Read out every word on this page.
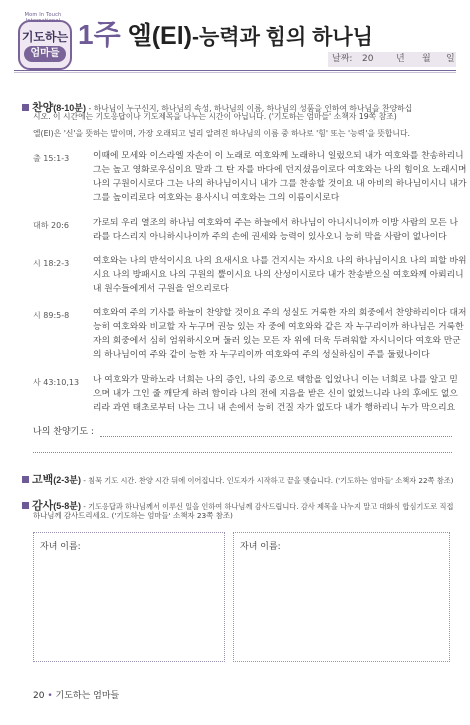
Mom In Touch
기도하는
엄마들
1주 엘(El)-능력과 힘의 하나님
날짜: 20	년 월 일
찬양(8-10분) - 하나님이 누구신지, 하나님의 속성, 하나님의 이름, 하나님의 성품을 인하여 하나님을 찬양하십
시오. 이 시간에는 기도응답이나 기도제목을 나누는 시간이 아닙니다. ('기도하는 엄마들' 소책자 19쪽 참조)
엘(El)은 '신'을 뜻하는 말이며, 가장 오래되고 널리 알려진 하나님의 이름 중 하나로 '힘' 또는 '능력'을 뜻합니다.
출 15:1-3	이때에 모세와 이스라엘 자손이 이 노래로 여호와께 노래하니 일렀으되 내가 여호와를 찬송하리니
그는 높고 영화로우심이요 말과 그 탄 자를 바다에 던지셨음이로다 여호와는 나의 힘이요 노래시며
나의 구원이시로다 그는 나의 하나님이시니 내가 그를 찬송할 것이요 내 아비의 하나님이시니 내가
그를 높이리로다 여호와는 용사시니 여호와는 그의 이름이시로다
대하 20:6	가로되 우리 열조의 하나님 여호와여 주는 하늘에서 하나님이 아니시니이까 이방 사람의 모든 나
라를 다스리지 아니하시나이까 주의 손에 권세와 능력이 있사오니 능히 막을 사람이 없나이다
시 18:2-3	여호와는 나의 반석이시요 나의 요새시요 나를 건지시는 자시요 나의 하나님이시요 나의 피할 바위
시요 나의 방패시요 나의 구원의 뿔이시요 나의 산성이시로다 내가 찬송받으실 여호와께 아뢰리니
내 원수들에게서 구원을 얻으리로다
시 89:5-8	여호와여 주의 기사를 하늘이 찬양할 것이요 주의 성실도 거룩한 자의 회중에서 찬양하리이다 대저
능히 여호와와 비교할 자 누구며 권능 있는 자 중에 여호와와 같은 자 누구리이까 하나님은 거룩한
자의 회중에서 심히 엄위하시오며 둘러 있는 모든 자 위에 더욱 두려워할 자시니이다 여호와 만군
의 하나님이여 주와 같이 능한 자 누구리이까 여호와여 주의 성실하심이 주를 둘렀나이다
사 43:10,13 나 여호와가 말하노라 너희는 나의 증인, 나의 종으로 택함을 입었나니 이는 너희로 나를 알고 믿
으며 내가 그인 줄 깨닫게 하려 함이라 나의 전에 지음을 받은 신이 없었느니라 나의 후에도 없으
리라 과연 태초로부터 나는 그니 내 손에서 능히 건질 자가 없도다 내가 행하리니 누가 막으리요
나의 찬양기도 :
고백(2-3분) - 침묵 기도 시간. 찬양 시간 뒤에 이어집니다. 인도자가 시작하고 끝을 맺습니다. ('기도하는 엄마들' 소책자 22쪽 참조)
감사(5-8분) - 기도응답과 하나님께서 이루신 일을 인하여 하나님께 감사드립니다. 감사 제목을 나누지 말고 대화식 합심기도로 직접
하나님께 감사드리세요. ('기도하는 엄마들' 소책자 23쪽 참조)
자녀 이름:	자녀 이름:
20 • 기도하는 엄마들
